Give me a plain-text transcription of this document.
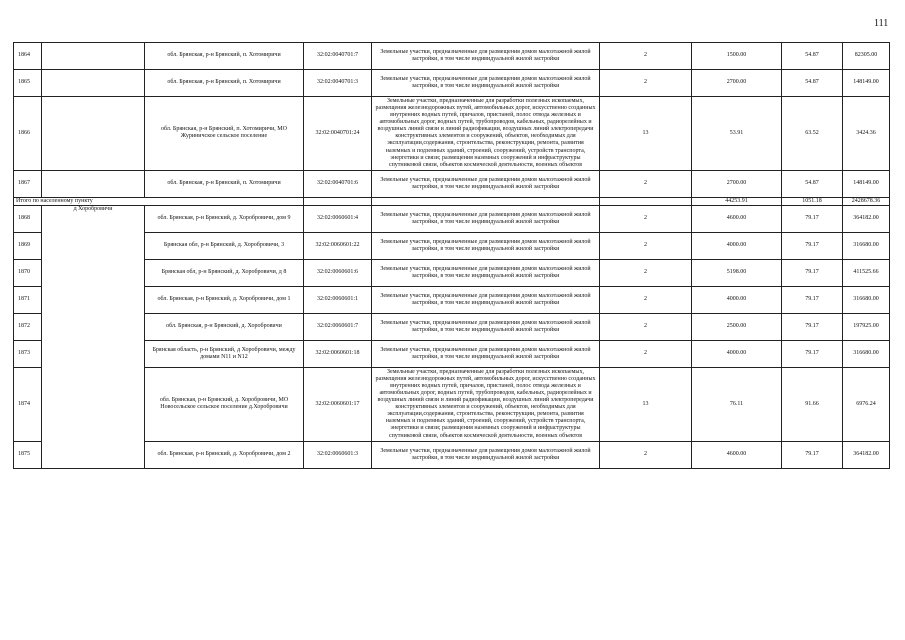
111
1864		обл. Брянская, р-н Брянский, п. Хотомиричи	32:02:0040701:7	Земельные участки, предназначенные для размещения домов малоэтажной жилой застройки, в том числе индивидуальной жилой застройки	2	1500.00	54.87	82305.00
1865		обл. Брянская, р-н Брянский, п. Хотомиричи	32:02:0040701:3	Земельные участки, предназначенные для размещения домов малоэтажной жилой застройки, в том числе индивидуальной жилой застройки	2	2700.00	54.87	148149.00
1866		обл. Брянская, р-н Брянский, п. Хотомиричи, МО Журиничское сельское поселение	32:02:0040701:24	Земельные участки, предназначенные для разработки полезных ископаемых, размещения железнодорожных путей, автомобильных дорог, искусственно созданных внутренних водных путей, причалов, пристаней, полос отвода железных и автомобильных дорог, водных путей, трубопроводов, кабельных, радиорелейных и воздушных линий связи и линий радиофикации, воздушных линий электропередачи конструктивных элементов и сооружений, объектов, необходимых для эксплуатации,содержания, строительства, реконструкции, ремонта, развития наземных и подземных зданий, строений, сооружений, устройств транспорта, энергетики и связи; размещения наземных сооружений и инфраструктуры спутниковой связи, объектов космической деятельности, военных объектов	13	53.91	63.52	3424.36
1867		обл. Брянская, р-н Брянский, п. Хотомиричи	32:02:0040701:6	Земельные участки, предназначенные для размещения домов малоэтажной жилой застройки, в том числе индивидуальной жилой застройки	2	2700.00	54.87	148149.00
Итого по населенному пункту						44253.91	1051.18	2428678.36
1868	д Хоробровичи	обл. Брянская, р-н Брянский, д. Хоробровичи, дом 9	32:02:0060601:4	Земельные участки, предназначенные для размещения домов малоэтажной жилой застройки, в том числе индивидуальной жилой застройки	2	4600.00	79.17	364182.00
1869		Брянская обл, р-н Брянский, д. Хоробровичи, 3	32:02:0060601:22	Земельные участки, предназначенные для размещения домов малоэтажной жилой застройки, в том числе индивидуальной жилой застройки	2	4000.00	79.17	316680.00
1870		Брянская обл, р-н Брянский, д. Хоробровичи, д 8	32:02:0060601:6	Земельные участки, предназначенные для размещения домов малоэтажной жилой застройки, в том числе индивидуальной жилой застройки	2	5198.00	79.17	411525.66
1871		обл. Брянская, р-н Брянский, д. Хоробровичи, дом 1	32:02:0060601:1	Земельные участки, предназначенные для размещения домов малоэтажной жилой застройки, в том числе индивидуальной жилой застройки	2	4000.00	79.17	316680.00
1872		обл. Брянская, р-н Брянский, д. Хоробровичи	32:02:0060601:7	Земельные участки, предназначенные для размещения домов малоэтажной жилой застройки, в том числе индивидуальной жилой застройки	2	2500.00	79.17	197925.00
1873		Брянская область, р-н Брянский, д Хоробровичи, между домами N11 и N12	32:02:0060601:18	Земельные участки, предназначенные для размещения домов малоэтажной жилой застройки, в том числе индивидуальной жилой застройки	2	4000.00	79.17	316680.00
1874		обл. Брянская, р-н Брянский, д. Хоробровичи, МО Новосельское сельское поселение д.Хоробровичи	32:02:0060601:17	Земельные участки, предназначенные для разработки полезных ископаемых, размещения железнодорожных путей, автомобильных дорог, искусственно созданных внутренних водных путей, причалов, пристаней, полос отвода железных и автомобильных дорог, водных путей, трубопроводов, кабельных, радиорелейных и воздушных линий связи и линий радиофикации, воздушных линий электропередачи конструктивных элементов и сооружений, объектов, необходимых для эксплуатации,содержания, строительства, реконструкции, ремонта, развития наземных и подземных зданий, строений, сооружений, устройств транспорта, энергетики и связи; размещения наземных сооружений и инфраструктуры спутниковой связи, объектов космической деятельности, военных объектов	13	76.11	91.66	6976.24
1875		обл. Брянская, р-н Брянский, д. Хоробровичи, дом 2	32:02:0060601:3	Земельные участки, предназначенные для размещения домов малоэтажной жилой застройки, в том числе индивидуальной жилой застройки	2	4600.00	79.17	364182.00
